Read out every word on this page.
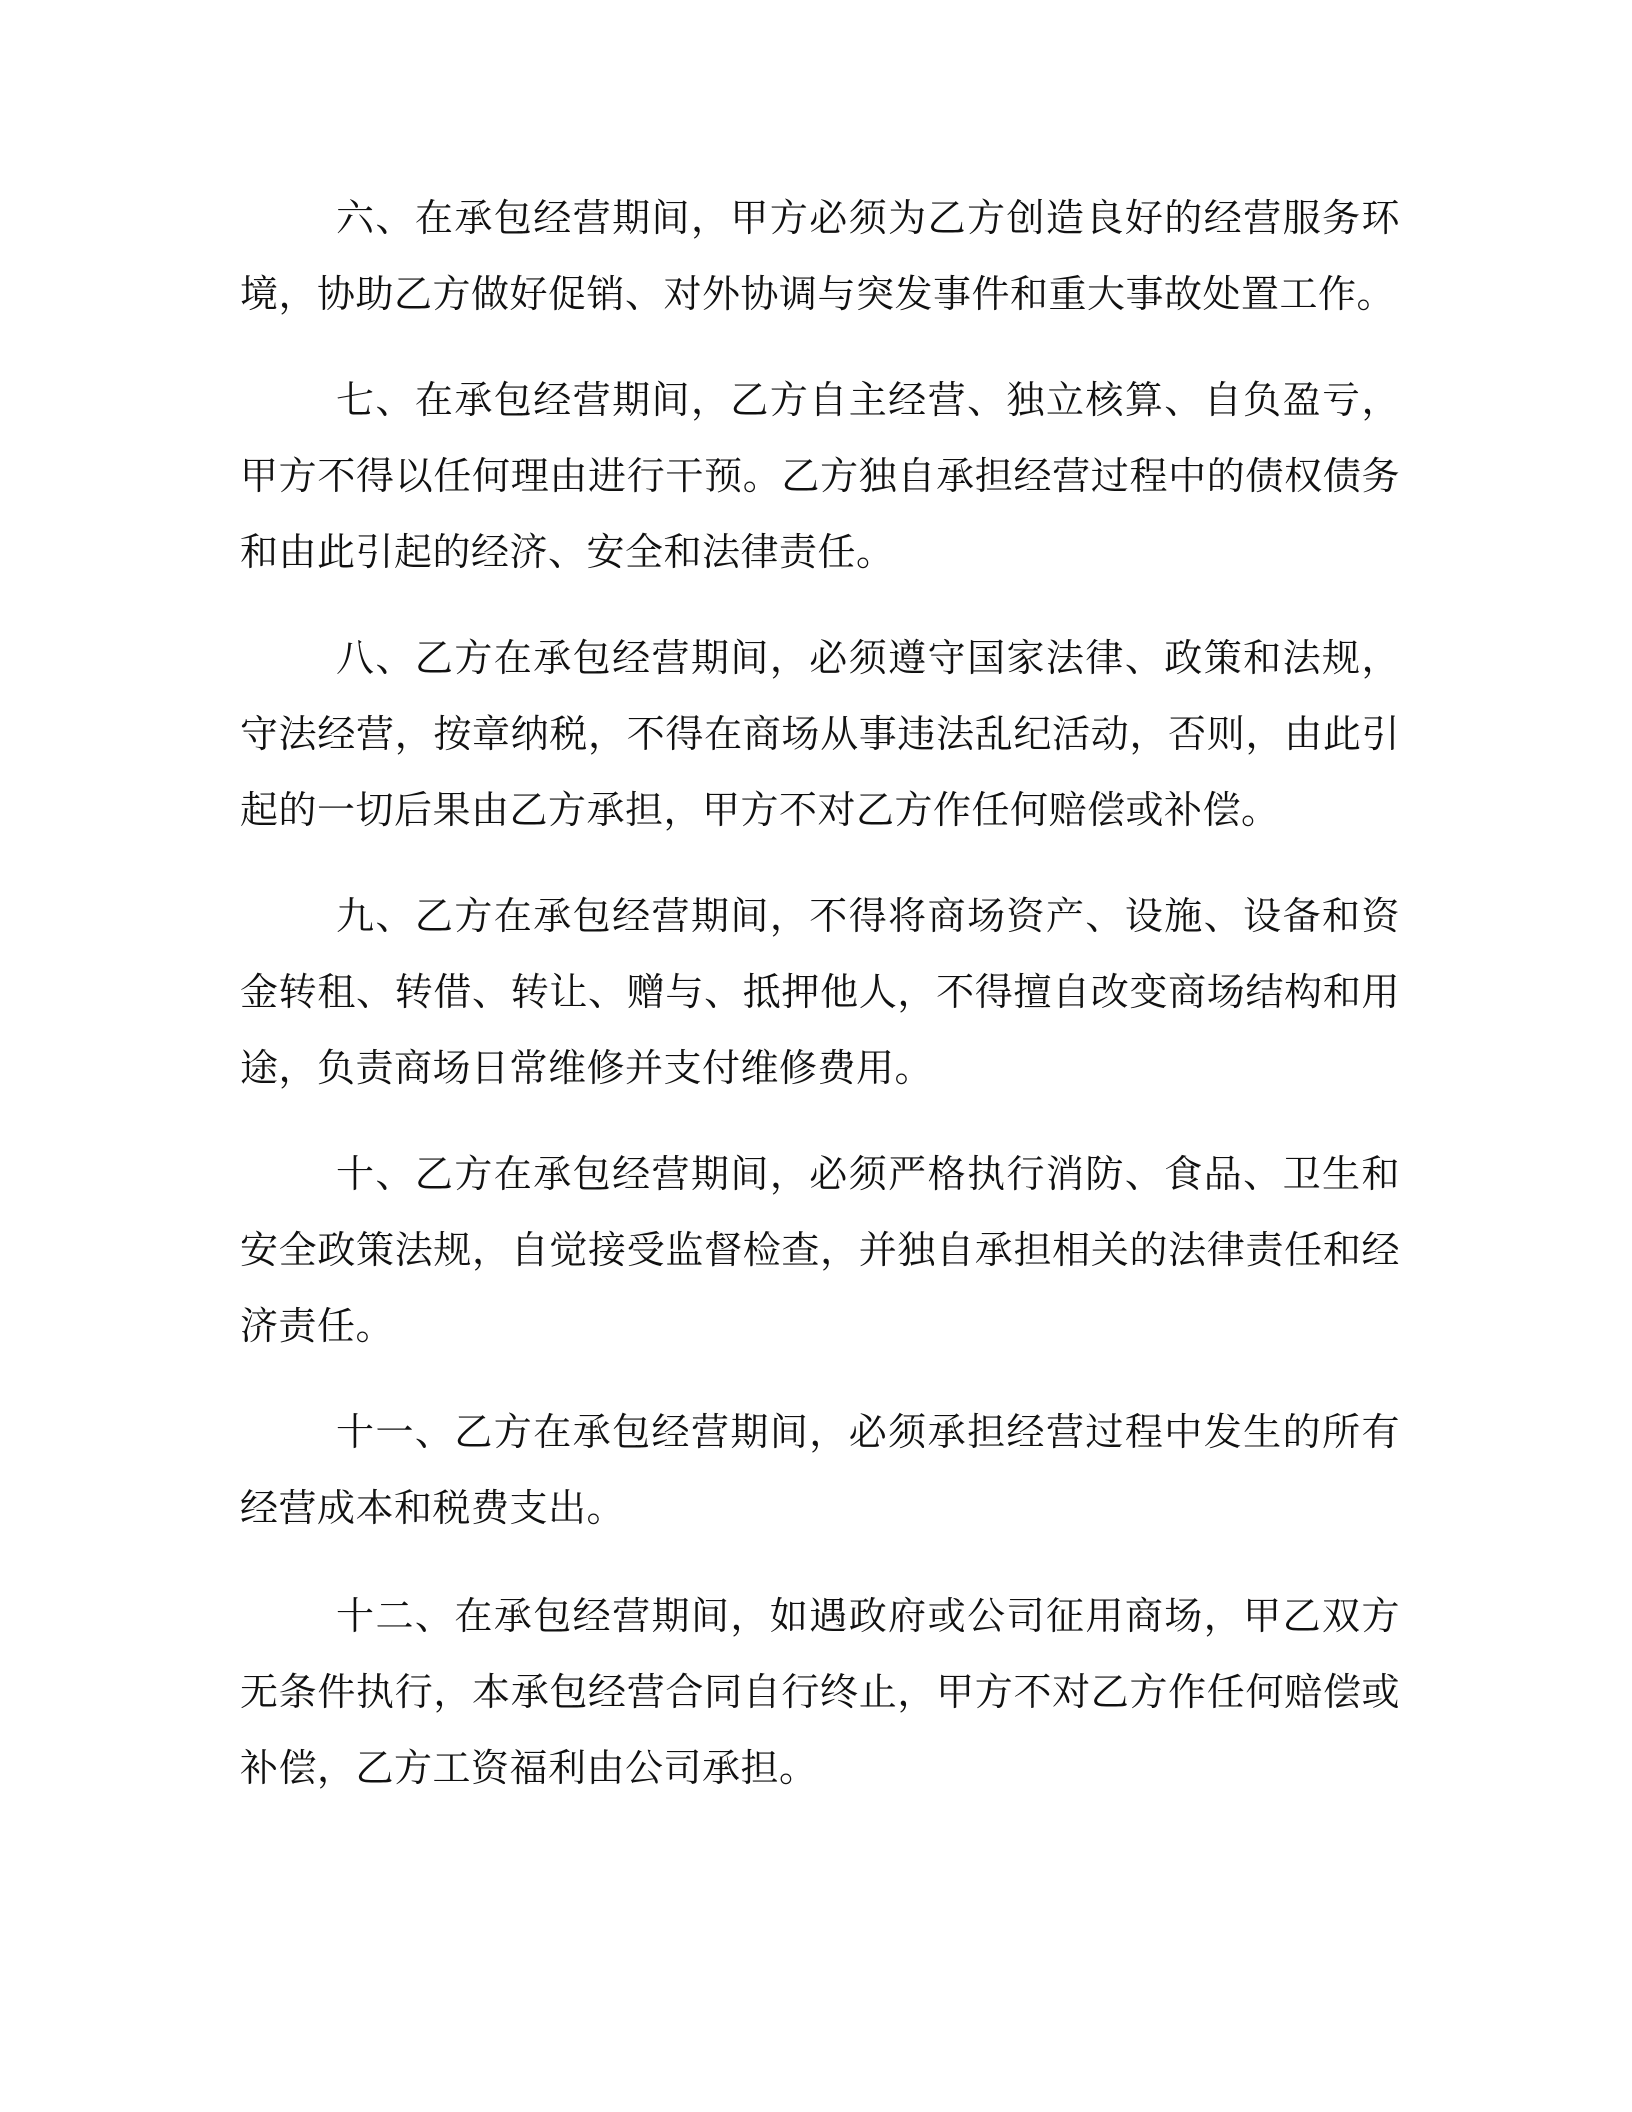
六、在承包经营期间，甲方必须为乙方创造良好的经营服务环境，协助乙方做好促销、对外协调与突发事件和重大事故处置工作。

七、在承包经营期间，乙方自主经营、独立核算、自负盈亏，甲方不得以任何理由进行干预。乙方独自承担经营过程中的债权债务和由此引起的经济、安全和法律责任。

八、乙方在承包经营期间，必须遵守国家法律、政策和法规，守法经营，按章纳税，不得在商场从事违法乱纪活动，否则，由此引起的一切后果由乙方承担，甲方不对乙方作任何赔偿或补偿。

九、乙方在承包经营期间，不得将商场资产、设施、设备和资金转租、转借、转让、赠与、抵押他人，不得擅自改变商场结构和用途，负责商场日常维修并支付维修费用。

十、乙方在承包经营期间，必须严格执行消防、食品、卫生和安全政策法规，自觉接受监督检查，并独自承担相关的法律责任和经济责任。

十一、乙方在承包经营期间，必须承担经营过程中发生的所有经营成本和税费支出。

十二、在承包经营期间，如遇政府或公司征用商场，甲乙双方无条件执行，本承包经营合同自行终止，甲方不对乙方作任何赔偿或补偿，乙方工资福利由公司承担。
